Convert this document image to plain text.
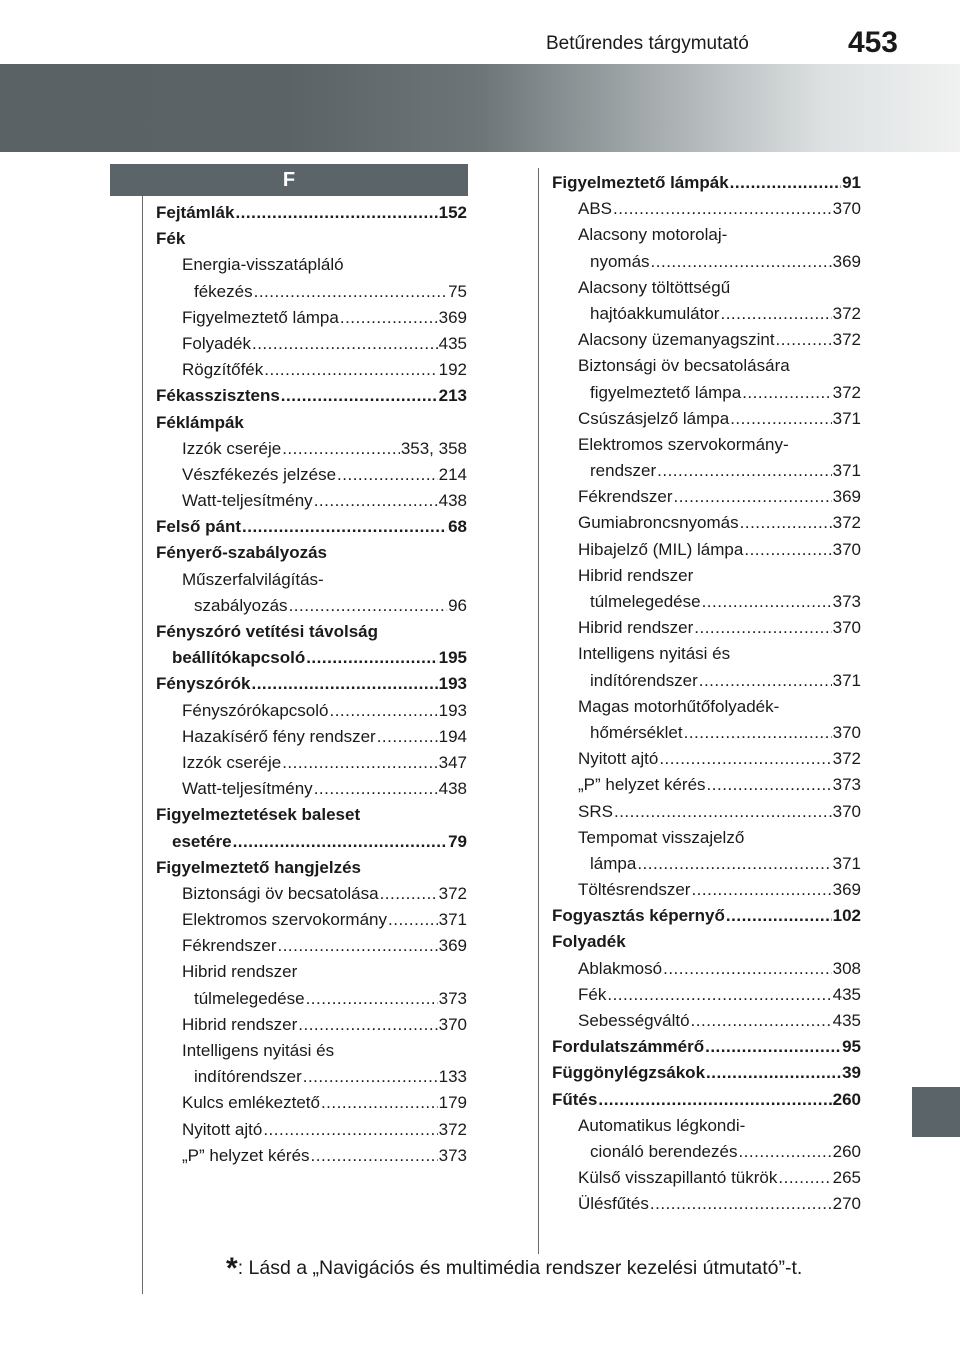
Betűrendes tárgymutató	453
F
Fejtámlák .....	152
Fék
Energia-visszatápláló
fékezés .....	75
Figyelmeztető lámpa .....	369
Folyadék .....	435
Rögzítőfék .....	192
Fékasszisztens .....	213
Féklámpák
Izzók cseréje .....	353, 358
Vészfékezés jelzése .....	214
Watt-teljesítmény .....	438
Felső pánt .....	68
Fényerő-szabályozás
Műszerfalvilágítás-
szabályozás .....	96
Fényszóró vetítési távolság
beállítókapcsoló .....	195
Fényszórók .....	193
Fényszórókapcsoló .....	193
Hazakísérő fény rendszer .....	194
Izzók cseréje .....	347
Watt-teljesítmény .....	438
Figyelmeztetések baleset
esetére .....	79
Figyelmeztető hangjelzés
Biztonsági öv becsatolása .....	372
Elektromos szervokormány .....	371
Fékrendszer .....	369
Hibrid rendszer
túlmelegedése .....	373
Hibrid rendszer .....	370
Intelligens nyitási és
indítórendszer .....	133
Kulcs emlékeztető .....	179
Nyitott ajtó .....	372
„P” helyzet kérés .....	373
Figyelmeztető lámpák .....	91
ABS .....	370
Alacsony motorolaj-
nyomás .....	369
Alacsony töltöttségű
hajtóakkumulátor .....	372
Alacsony üzemanyagszint .....	372
Biztonsági öv becsatolására
figyelmeztető lámpa .....	372
Csúszásjelző lámpa .....	371
Elektromos szervokormány-
rendszer .....	371
Fékrendszer .....	369
Gumiabroncsnyomás .....	372
Hibajelző (MIL) lámpa .....	370
Hibrid rendszer
túlmelegedése .....	373
Hibrid rendszer .....	370
Intelligens nyitási és
indítórendszer .....	371
Magas motorhűtőfolyadék-
hőmérséklet .....	370
Nyitott ajtó .....	372
„P” helyzet kérés .....	373
SRS .....	370
Tempomat visszajelző
lámpa .....	371
Töltésrendszer .....	369
Fogyasztás képernyő .....	102
Folyadék
Ablakmosó .....	308
Fék .....	435
Sebességváltó .....	435
Fordulatszámmérő .....	95
Függönylégzsákok .....	39
Fűtés .....	260
Automatikus légkondi-
cionáló berendezés .....	260
Külső visszapillantó tükrök .....	265
Ülésfűtés .....	270
*: Lásd a „Navigációs és multimédia rendszer kezelési útmutató”-t.
